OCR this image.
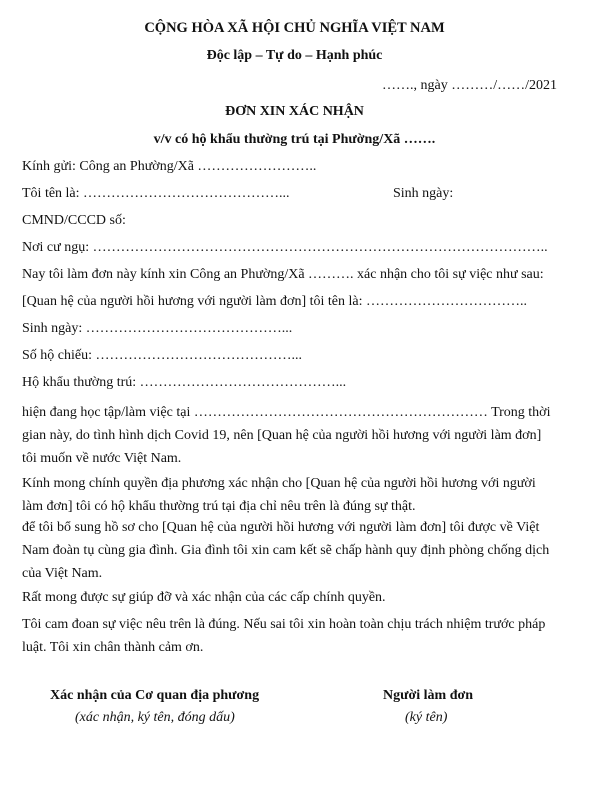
CỘNG HÒA XÃ HỘI CHỦ NGHĨA VIỆT NAM
Độc lập – Tự do – Hạnh phúc
……., ngày ………/……/2021
ĐƠN XIN XÁC NHẬN
v/v có hộ khẩu thường trú tại Phường/Xã …….
Kính gửi: Công an Phường/Xã ……………………..
Tôi tên là: ……………………………………...	Sinh ngày:
CMND/CCCD số:
Nơi cư ngụ: ……………………………………………………………………………………..
Nay tôi làm đơn này kính xin Công an Phường/Xã ………. xác nhận cho tôi sự việc như sau:
[Quan hệ của người hồi hương với người làm đơn] tôi tên là: ……………………………..
Sinh ngày: ……………………………………...
Số hộ chiếu: ……………………………………...
Hộ khẩu thường trú: ……………………………………...
hiện đang học tập/làm việc tại ……………………………………………………… Trong thời gian này, do tình hình dịch Covid 19, nên [Quan hệ của người hồi hương với người làm đơn] tôi muốn về nước Việt Nam.
Kính mong chính quyền địa phương xác nhận cho [Quan hệ của người hồi hương với người làm đơn] tôi có hộ khẩu thường trú tại địa chỉ nêu trên là đúng sự thật.
để tôi bổ sung hồ sơ cho [Quan hệ của người hồi hương với người làm đơn] tôi được về Việt Nam đoàn tụ cùng gia đình. Gia đình tôi xin cam kết sẽ chấp hành quy định phòng chống dịch của Việt Nam.
Rất mong được sự giúp đỡ và xác nhận của các cấp chính quyền.
Tôi cam đoan sự việc nêu trên là đúng. Nếu sai tôi xin hoàn toàn chịu trách nhiệm trước pháp luật. Tôi xin chân thành cảm ơn.
Xác nhận của Cơ quan địa phương
(xác nhận, ký tên, đóng dấu)
Người làm đơn
(ký tên)
